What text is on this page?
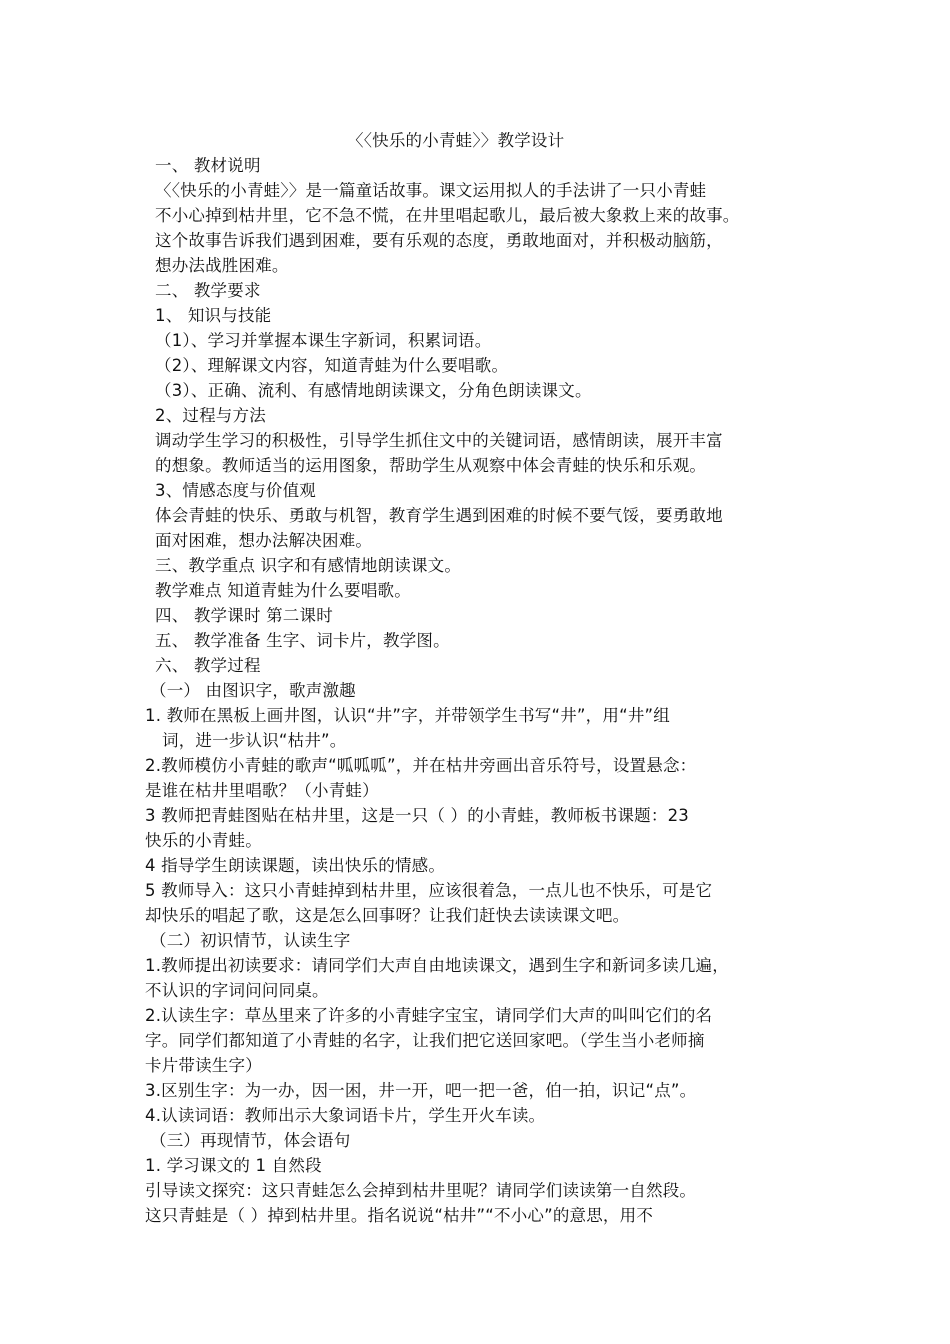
〈〈快乐的小青蛙〉〉教学设计
一、 教材说明
〈〈快乐的小青蛙〉〉是一篇童话故事。课文运用拟人的手法讲了一只小青蛙
不小心掉到枯井里，它不急不慌，在井里唱起歌儿，最后被大象救上来的故事。
这个故事告诉我们遇到困难，要有乐观的态度，勇敢地面对，并积极动脑筋，
想办法战胜困难。
二、 教学要求
1、 知识与技能
（1）、学习并掌握本课生字新词，积累词语。
（2）、理解课文内容，知道青蛙为什么要唱歌。
（3）、正确、流利、有感情地朗读课文，分角色朗读课文。
2、过程与方法
调动学生学习的积极性，引导学生抓住文中的关键词语，感情朗读，展开丰富
的想象。教师适当的运用图象，帮助学生从观察中体会青蛙的快乐和乐观。
3、情感态度与价值观
体会青蛙的快乐、勇敢与机智，教育学生遇到困难的时候不要气馁，要勇敢地
面对困难，想办法解决困难。
三、教学重点 识字和有感情地朗读课文。
教学难点 知道青蛙为什么要唱歌。
四、 教学课时 第二课时
五、 教学准备 生字、词卡片，教学图。
六、 教学过程
（一） 由图识字，歌声激趣
1. 教师在黑板上画井图，认识“井”字，并带领学生书写“井”，用“井”组
词，进一步认识“枯井”。
2.教师模仿小青蛙的歌声“呱呱呱”，并在枯井旁画出音乐符号，设置悬念：
是谁在枯井里唱歌？（小青蛙）
3 教师把青蛙图贴在枯井里，这是一只（ ）的小青蛙，教师板书课题：23
快乐的小青蛙。
4 指导学生朗读课题，读出快乐的情感。
5 教师导入：这只小青蛙掉到枯井里，应该很着急，一点儿也不快乐，可是它
却快乐的唱起了歌，这是怎么回事呀？让我们赶快去读读课文吧。
（二）初识情节，认读生字
1.教师提出初读要求：请同学们大声自由地读课文，遇到生字和新词多读几遍，
不认识的字词问问同桌。
2.认读生字：草丛里来了许多的小青蛙字宝宝，请同学们大声的叫叫它们的名
字。同学们都知道了小青蛙的名字，让我们把它送回家吧。（学生当小老师摘
卡片带读生字）
3.区别生字：为一办，因一困，井一开，吧一把一爸，伯一拍，识记“点”。
4.认读词语：教师出示大象词语卡片，学生开火车读。
（三）再现情节，体会语句
1. 学习课文的 1 自然段
引导读文探究：这只青蛙怎么会掉到枯井里呢？请同学们读读第一自然段。
这只青蛙是（ ）掉到枯井里。指名说说“枯井”“不小心”的意思，用不
